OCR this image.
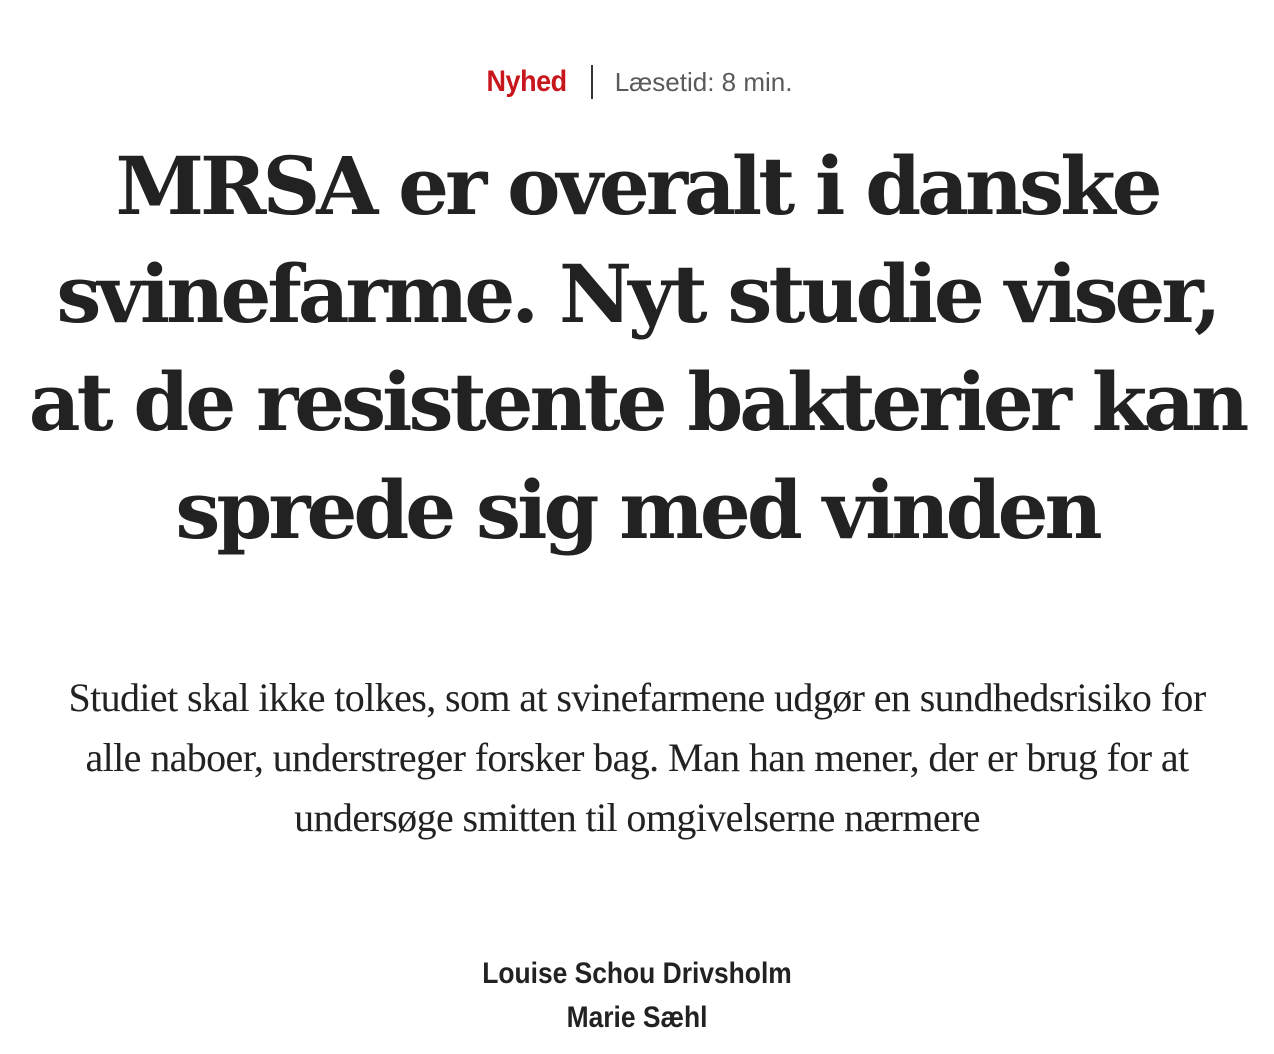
Nyhed Læsetid: 8 min.
MRSA er overalt i danske svinefarme. Nyt studie viser, at de resistente bakterier kan sprede sig med vinden

Studiet skal ikke tolkes, som at svinefarmene udgør en sundhedsrisiko for alle naboer, understreger forsker bag. Man han mener, der er brug for at undersøge smitten til omgivelserne nærmere

Louise Schou Drivsholm
Marie Sæhl
